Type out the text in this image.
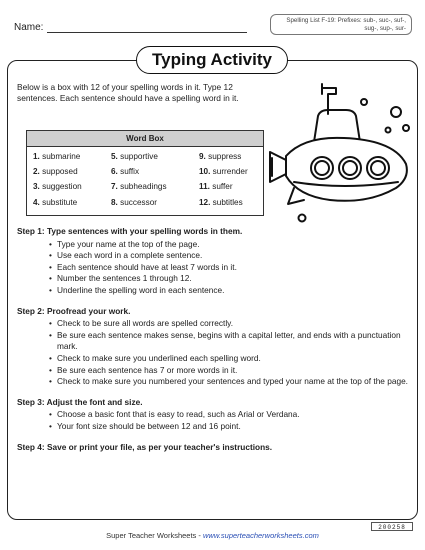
Name:
Spelling List F-19: Prefixes: sub-, suc-, suf-,
sug-, sup-, sur-
Typing Activity
Below is a box with 12 of your spelling words in it. Type 12 sentences. Each sentence should have a spelling word in it.
Word Box
1. submarine	5. supportive	9. suppress
2. supposed	6. suffix	10. surrender
3. suggestion	7. subheadings	11. suffer
4. substitute	8. successor	12. subtitles

Step 1: Type sentences with your spelling words in them.

• Type your name at the top of the page.
• Use each word in a complete sentence.
• Each sentence should have at least 7 words in it.
• Number the sentences 1 through 12.
• Underline the spelling word in each sentence.

Step 2: Proofread your work.

• Check to be sure all words are spelled correctly.
• Be sure each sentence makes sense, begins with a capital letter, and ends with a punctuation mark.
• Check to make sure you underlined each spelling word.
• Be sure each sentence has 7 or more words in it.
• Check to make sure you numbered your sentences and typed your name at the top of the page.

Step 3: Adjust the font and size.

• Choose a basic font that is easy to read, such as Arial or Verdana.
• Your font size should be between 12 and 16 point.

Step 4: Save or print your file, as per your teacher's instructions.

Super Teacher Worksheets - www.superteacherworksheets.com
200258
